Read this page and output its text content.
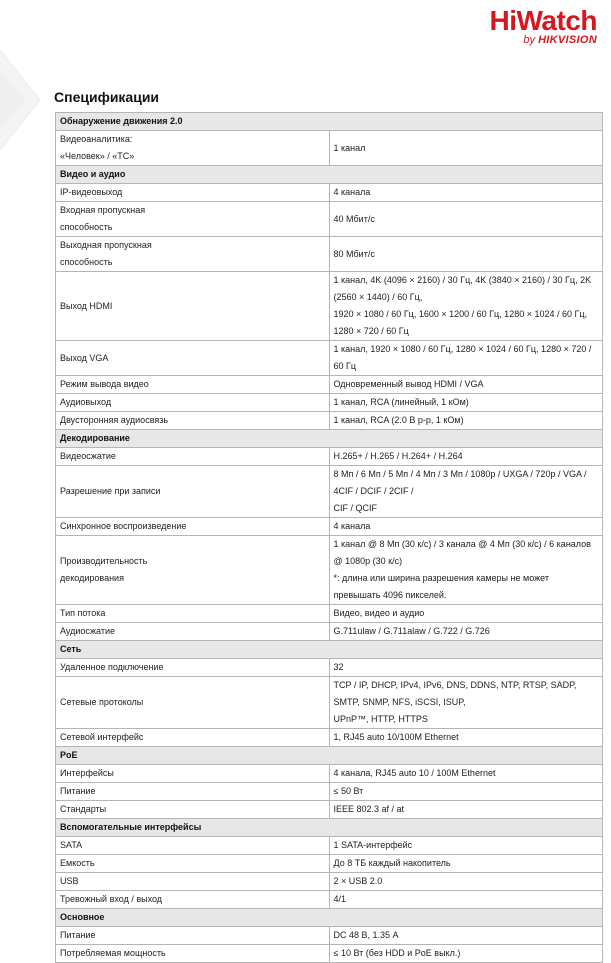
HiWatch
by HIKVISION
Спецификации
Обнаружение движения 2.0	
Видеоаналитика:
«Человек» / «ТС»	1 канал
Видео и аудио	
IP-видеовыход	4 канала
Входная пропускная
способность	40 Мбит/с
Выходная пропускная
способность	80 Мбит/с
Выход HDMI	1 канал, 4K (4096 × 2160) / 30 Гц, 4K (3840 × 2160) / 30 Гц, 2K (2560 × 1440) / 60 Гц,
1920 × 1080 / 60 Гц, 1600 × 1200 / 60 Гц, 1280 × 1024 / 60 Гц, 1280 × 720 / 60 Гц
Выход VGA	1 канал, 1920 × 1080 / 60 Гц, 1280 × 1024 / 60 Гц, 1280 × 720 / 60 Гц
Режим вывода видео	Одновременный вывод HDMI / VGA
Аудиовыход	1 канал, RCA (линейный, 1 кОм)
Двусторонняя аудиосвязь	1 канал, RCA (2.0 В р-р, 1 кОм)
Декодирование	
Видеосжатие	H.265+ / H.265 / H.264+ / H.264
Разрешение при записи	8 Мп / 6 Мп / 5 Мп / 4 Мп / 3 Мп / 1080p / UXGA / 720p / VGA / 4CIF / DCIF / 2CIF /
CIF / QCIF
Синхронное воспроизведение	4 канала
Производительность
декодирования	1 канал @ 8 Мп (30 к/с) / 3 канала @ 4 Мп (30 к/с) / 6 каналов @ 1080p (30 к/с)
*: длина или ширина разрешения камеры не может превышать 4096 пикселей.
Тип потока	Видео, видео и аудио
Аудиосжатие	G.711ulaw / G.711alaw / G.722 / G.726
Сеть	
Удаленное подключение	32
Сетевые протоколы	TCP / IP, DHCP, IPv4, IPv6, DNS, DDNS, NTP, RTSP, SADP, SMTP, SNMP, NFS, iSCSI, ISUP,
UPnP™, HTTP, HTTPS
Сетевой интерфейс	1, RJ45 auto 10/100M Ethernet
PoE	
Интерфейсы	4 канала, RJ45 auto 10 / 100M Ethernet
Питание	≤ 50 Вт
Стандарты	IEEE 802.3 af / at
Вспомогательные интерфейсы	
SATA	1 SATA-интерфейс
Емкость	До 8 ТБ каждый накопитель
USB	2 × USB 2.0
Тревожный вход / выход	4/1
Основное	
Питание	DC 48 В, 1.35 А
Потребляемая мощность	≤ 10 Вт (без HDD и PoE выкл.)
